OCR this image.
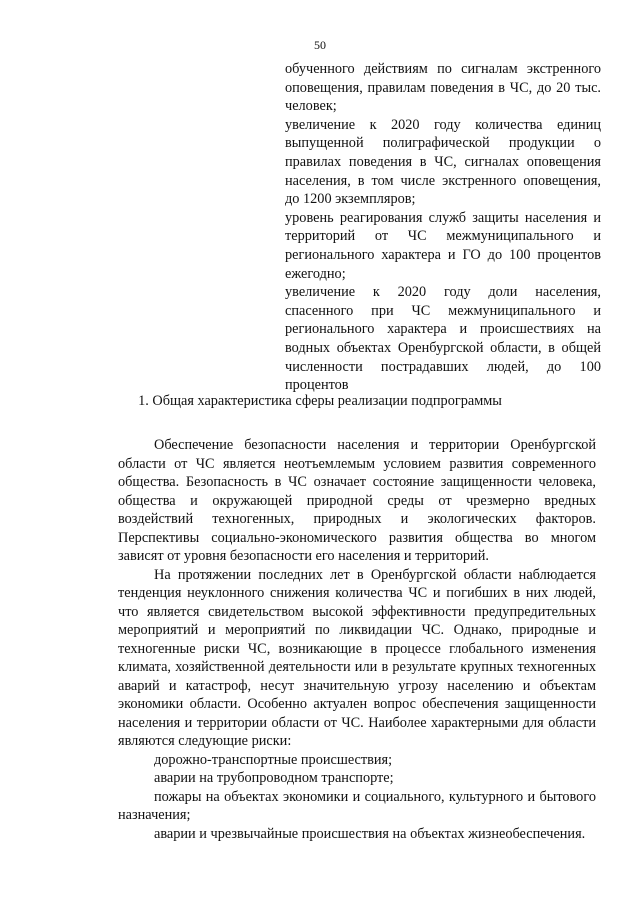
50

обученного действиям по сигналам экстренного оповещения, правилам поведения в ЧС, до 20 тыс. человек;

увеличение к 2020 году количества единиц выпущенной полиграфической продукции о правилах поведения в ЧС, сигналах оповещения населения, в том числе экстренного оповещения, до 1200 экземпляров;

уровень реагирования служб защиты населения и территорий от ЧС межмуниципального и регионального характера и ГО до 100 процентов ежегодно;

увеличение к 2020 году доли населения, спасенного при ЧС межмуниципального и регионального характера и происшествиях на водных объектах Оренбургской области, в общей численности пострадавших людей, до 100 процентов

1. Общая характеристика сферы реализации подпрограммы

Обеспечение безопасности населения и территории Оренбургской области от ЧС является неотъемлемым условием развития современного общества. Безопасность в ЧС означает состояние защищенности человека, общества и окружающей природной среды от чрезмерно вредных воздействий техногенных, природных и экологических факторов. Перспективы социально-экономического развития общества во многом зависят от уровня безопасности его населения и территорий.

На протяжении последних лет в Оренбургской области наблюдается тенденция неуклонного снижения количества ЧС и погибших в них людей, что является свидетельством высокой эффективности предупредительных мероприятий и мероприятий по ликвидации ЧС. Однако, природные и техногенные риски ЧС, возникающие в процессе глобального изменения климата, хозяйственной деятельности или в результате крупных техногенных аварий и катастроф, несут значительную угрозу населению и объектам экономики области. Особенно актуален вопрос обеспечения защищенности населения и территории области от ЧС. Наиболее характерными для области являются следующие риски:

дорожно-транспортные происшествия;
аварии на трубопроводном транспорте;
пожары на объектах экономики и социального, культурного и бытового назначения;
аварии и чрезвычайные происшествия на объектах жизнеобеспечения.
